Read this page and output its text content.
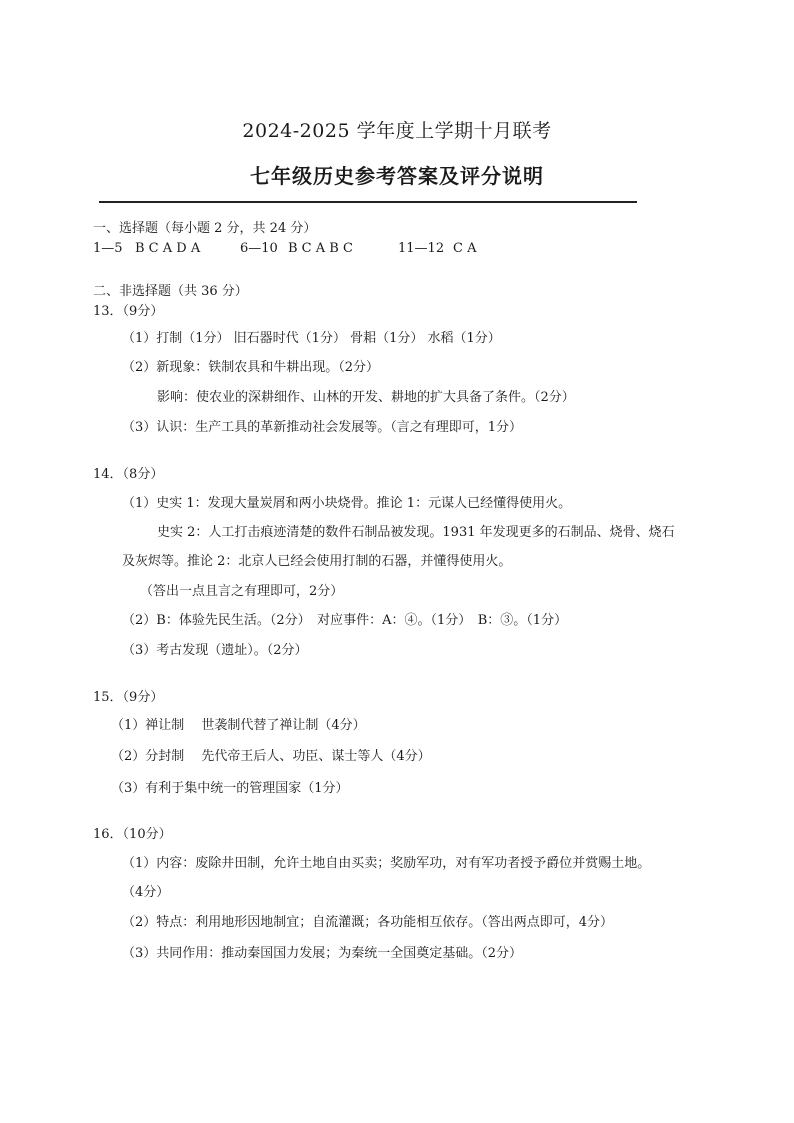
2024-2025 学年度上学期十月联考
七年级历史参考答案及评分说明
一、选择题（每小题 2 分，共 24 分）
1—5 B C A D A	6—10 B C A B C	11—12 C A
二、非选择题（共 36 分）
13．（9分）
（1）打制（1分） 旧石器时代（1分） 骨耜（1分） 水稻（1分）
（2）新现象：铁制农具和牛耕出现。（2分）
影响：使农业的深耕细作、山林的开发、耕地的扩大具备了条件。（2分）
（3）认识：生产工具的革新推动社会发展等。（言之有理即可，1分）
14．（8分）
（1）史实 1：发现大量炭屑和两小块烧骨。推论 1：元谋人已经懂得使用火。
史实 2：人工打击痕迹清楚的数件石制品被发现。1931 年发现更多的石制品、烧骨、烧石
及灰烬等。推论 2：北京人已经会使用打制的石器，并懂得使用火。
（答出一点且言之有理即可，2分）
（2）B：体验先民生活。（2分）　对应事件：A：④。（1分）　B：③。（1分）
（3）考古发现（遗址）。（2分）
15．（9分）
（1）禅让制　 世袭制代替了禅让制（4分）
（2）分封制　 先代帝王后人、功臣、谋士等人（4分）
（3）有利于集中统一的管理国家（1分）
16．（10分）
（1）内容：废除井田制，允许土地自由买卖；奖励军功，对有军功者授予爵位并赏赐土地。
（4分）
（2）特点：利用地形因地制宜；自流灌溉；各功能相互依存。（答出两点即可，4分）
（3）共同作用：推动秦国国力发展；为秦统一全国奠定基础。（2分）
